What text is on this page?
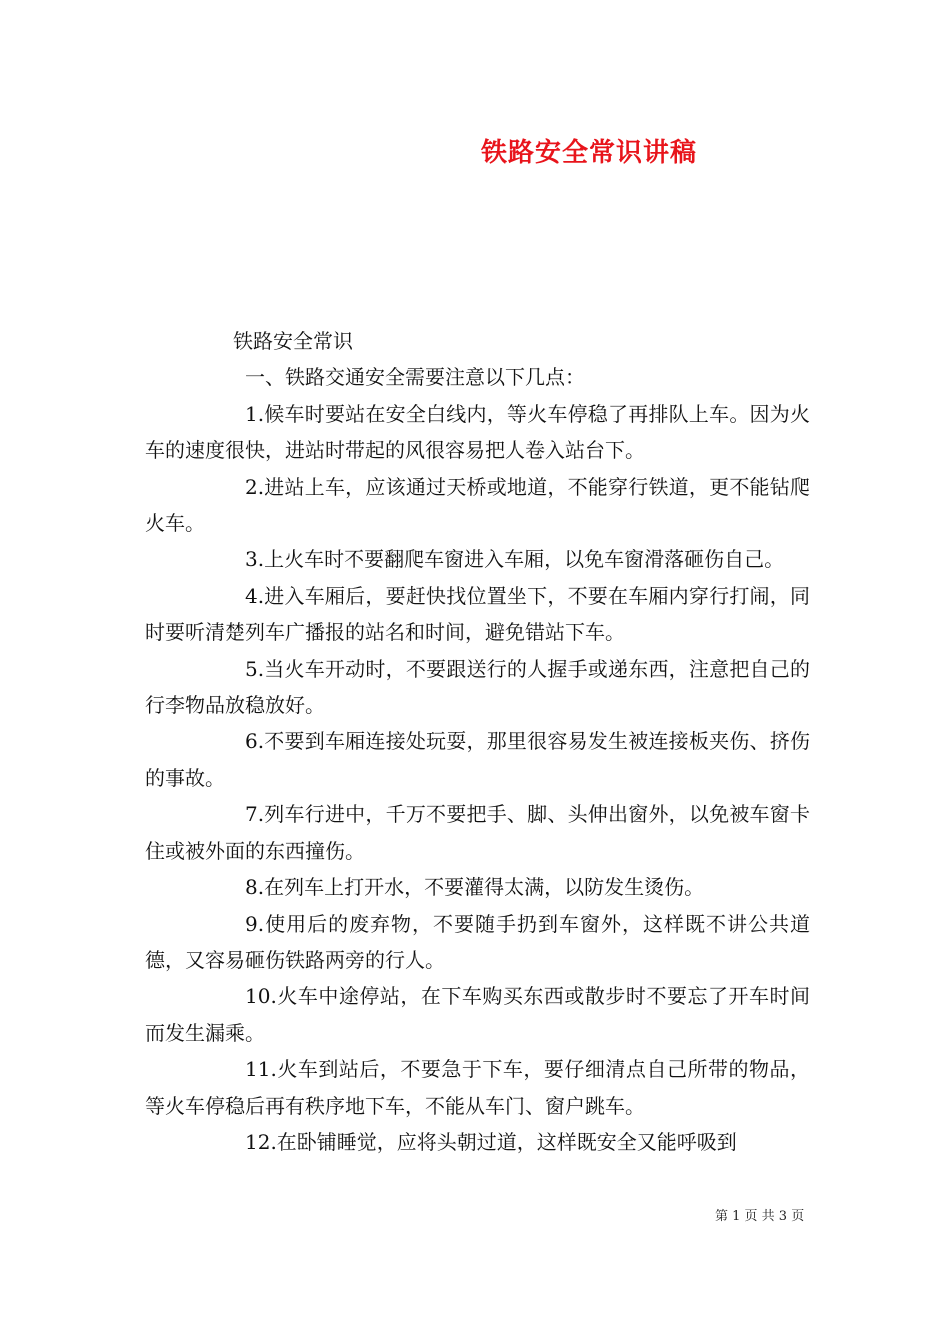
铁路安全常识讲稿

铁路安全常识

一、铁路交通安全需要注意以下几点：

1.候车时要站在安全白线内，等火车停稳了再排队上车。因为火车的速度很快，进站时带起的风很容易把人卷入站台下。

2.进站上车，应该通过天桥或地道，不能穿行铁道，更不能钻爬火车。

3.上火车时不要翻爬车窗进入车厢，以免车窗滑落砸伤自己。

4.进入车厢后，要赶快找位置坐下，不要在车厢内穿行打闹，同时要听清楚列车广播报的站名和时间，避免错站下车。

5.当火车开动时，不要跟送行的人握手或递东西，注意把自己的行李物品放稳放好。

6.不要到车厢连接处玩耍，那里很容易发生被连接板夹伤、挤伤的事故。

7.列车行进中，千万不要把手、脚、头伸出窗外，以免被车窗卡住或被外面的东西撞伤。

8.在列车上打开水，不要灌得太满，以防发生烫伤。

9.使用后的废弃物，不要随手扔到车窗外，这样既不讲公共道德，又容易砸伤铁路两旁的行人。

10.火车中途停站，在下车购买东西或散步时不要忘了开车时间而发生漏乘。

11.火车到站后，不要急于下车，要仔细清点自己所带的物品，等火车停稳后再有秩序地下车，不能从车门、窗户跳车。

12.在卧铺睡觉，应将头朝过道，这样既安全又能呼吸到

第 1 页 共 3 页
